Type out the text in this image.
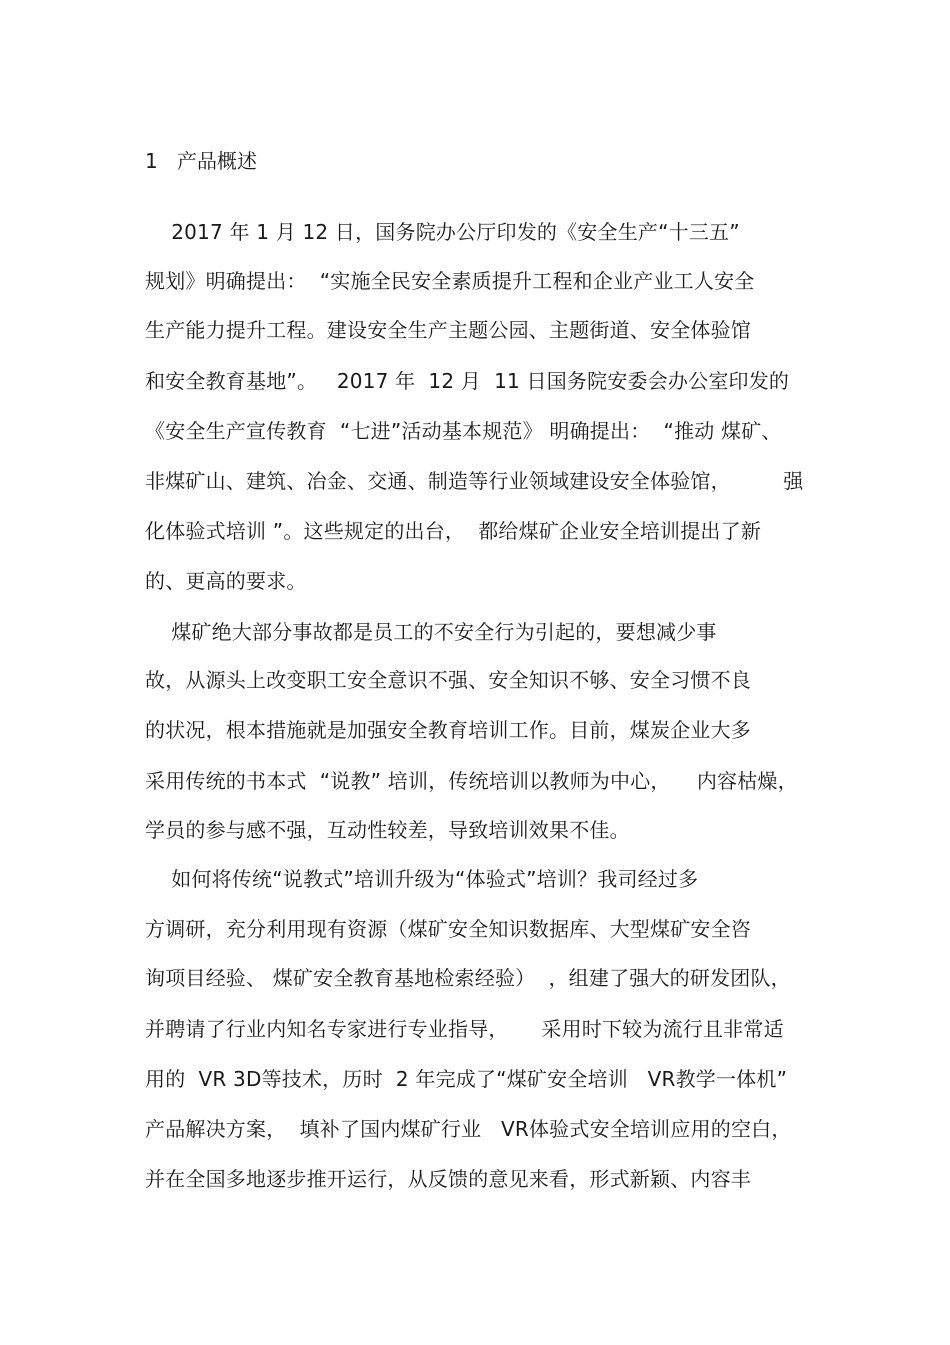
1 产品概述
2017 年 1 月 12 日，国务院办公厅印发的《安全生产“十三五”
规划》明确提出：  “实施全民安全素质提升工程和企业产业工人安全
生产能力提升工程。建设安全生产主题公园、主题街道、安全体验馆
和安全教育基地”。   2017 年  12 月  11 日国务院安委会办公室印发的
《安全生产宣传教育  “七进”活动基本规范》 明确提出：  “推动 煤矿、
非煤矿山、建筑、冶金、交通、制造等行业领域建设安全体验馆，        强
化体验式培训 ”。这些规定的出台，  都给煤矿企业安全培训提出了新
的、更高的要求。
煤矿绝大部分事故都是员工的不安全行为引起的，要想减少事
故，从源头上改变职工安全意识不强、安全知识不够、安全习惯不良
的状况，根本措施就是加强安全教育培训工作。目前，煤炭企业大多
采用传统的书本式  “说教” 培训，传统培训以教师为中心，    内容枯燥，
学员的参与感不强，互动性较差，导致培训效果不佳。
如何将传统“说教式”培训升级为“体验式”培训？我司经过多
方调研，充分利用现有资源（煤矿安全知识数据库、大型煤矿安全咨
询项目经验、 煤矿安全教育基地检索经验）  ，组建了强大的研发团队，
并聘请了行业内知名专家进行专业指导，     采用时下较为流行且非常适
用的  VR 3D等技术，历时  2 年完成了“煤矿安全培训   VR教学一体机”
产品解决方案，  填补了国内煤矿行业   VR体验式安全培训应用的空白，
并在全国多地逐步推开运行，从反馈的意见来看，形式新颖、内容丰
